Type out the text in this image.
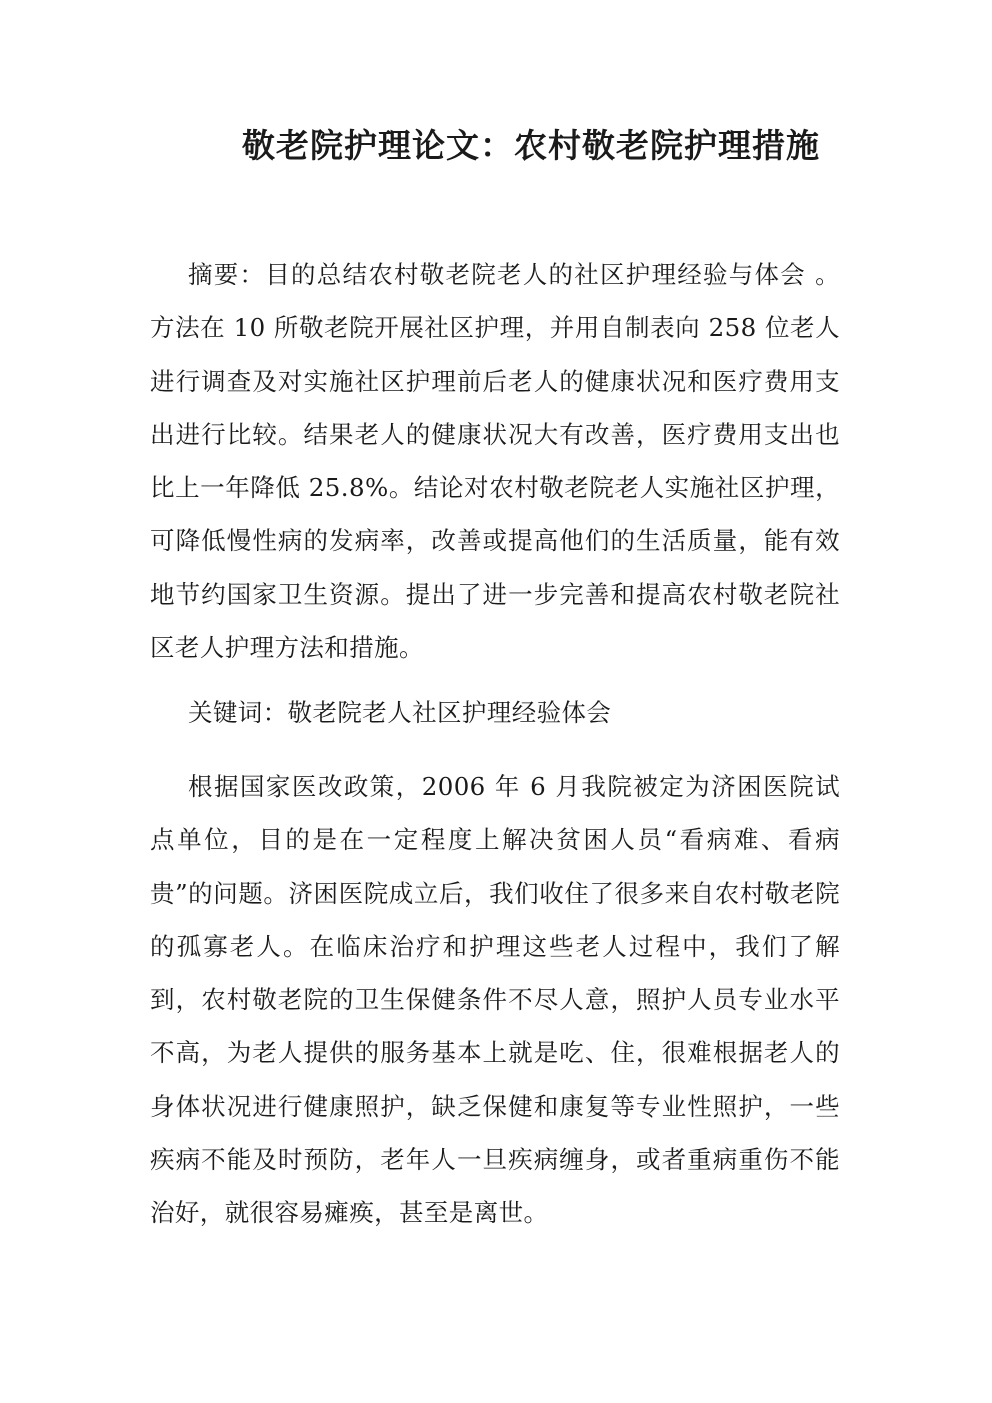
敬老院护理论文：农村敬老院护理措施

摘要：目的总结农村敬老院老人的社区护理经验与体会 。方法在 10 所敬老院开展社区护理，并用自制表向 258 位老人进行调查及对实施社区护理前后老人的健康状况和医疗费用支出进行比较。结果老人的健康状况大有改善，医疗费用支出也比上一年降低 25.8%。结论对农村敬老院老人实施社区护理，可降低慢性病的发病率，改善或提高他们的生活质量，能有效地节约国家卫生资源。提出了进一步完善和提高农村敬老院社区老人护理方法和措施。

关键词：敬老院老人社区护理经验体会

根据国家医改政策，2006 年 6 月我院被定为济困医院试点单位，目的是在一定程度上解决贫困人员“看病难、看病贵”的问题。济困医院成立后，我们收住了很多来自农村敬老院的孤寡老人。在临床治疗和护理这些老人过程中，我们了解到，农村敬老院的卫生保健条件不尽人意，照护人员专业水平不高，为老人提供的服务基本上就是吃、住，很难根据老人的身体状况进行健康照护，缺乏保健和康复等专业性照护，一些疾病不能及时预防，老年人一旦疾病缠身，或者重病重伤不能治好，就很容易瘫痪，甚至是离世。
